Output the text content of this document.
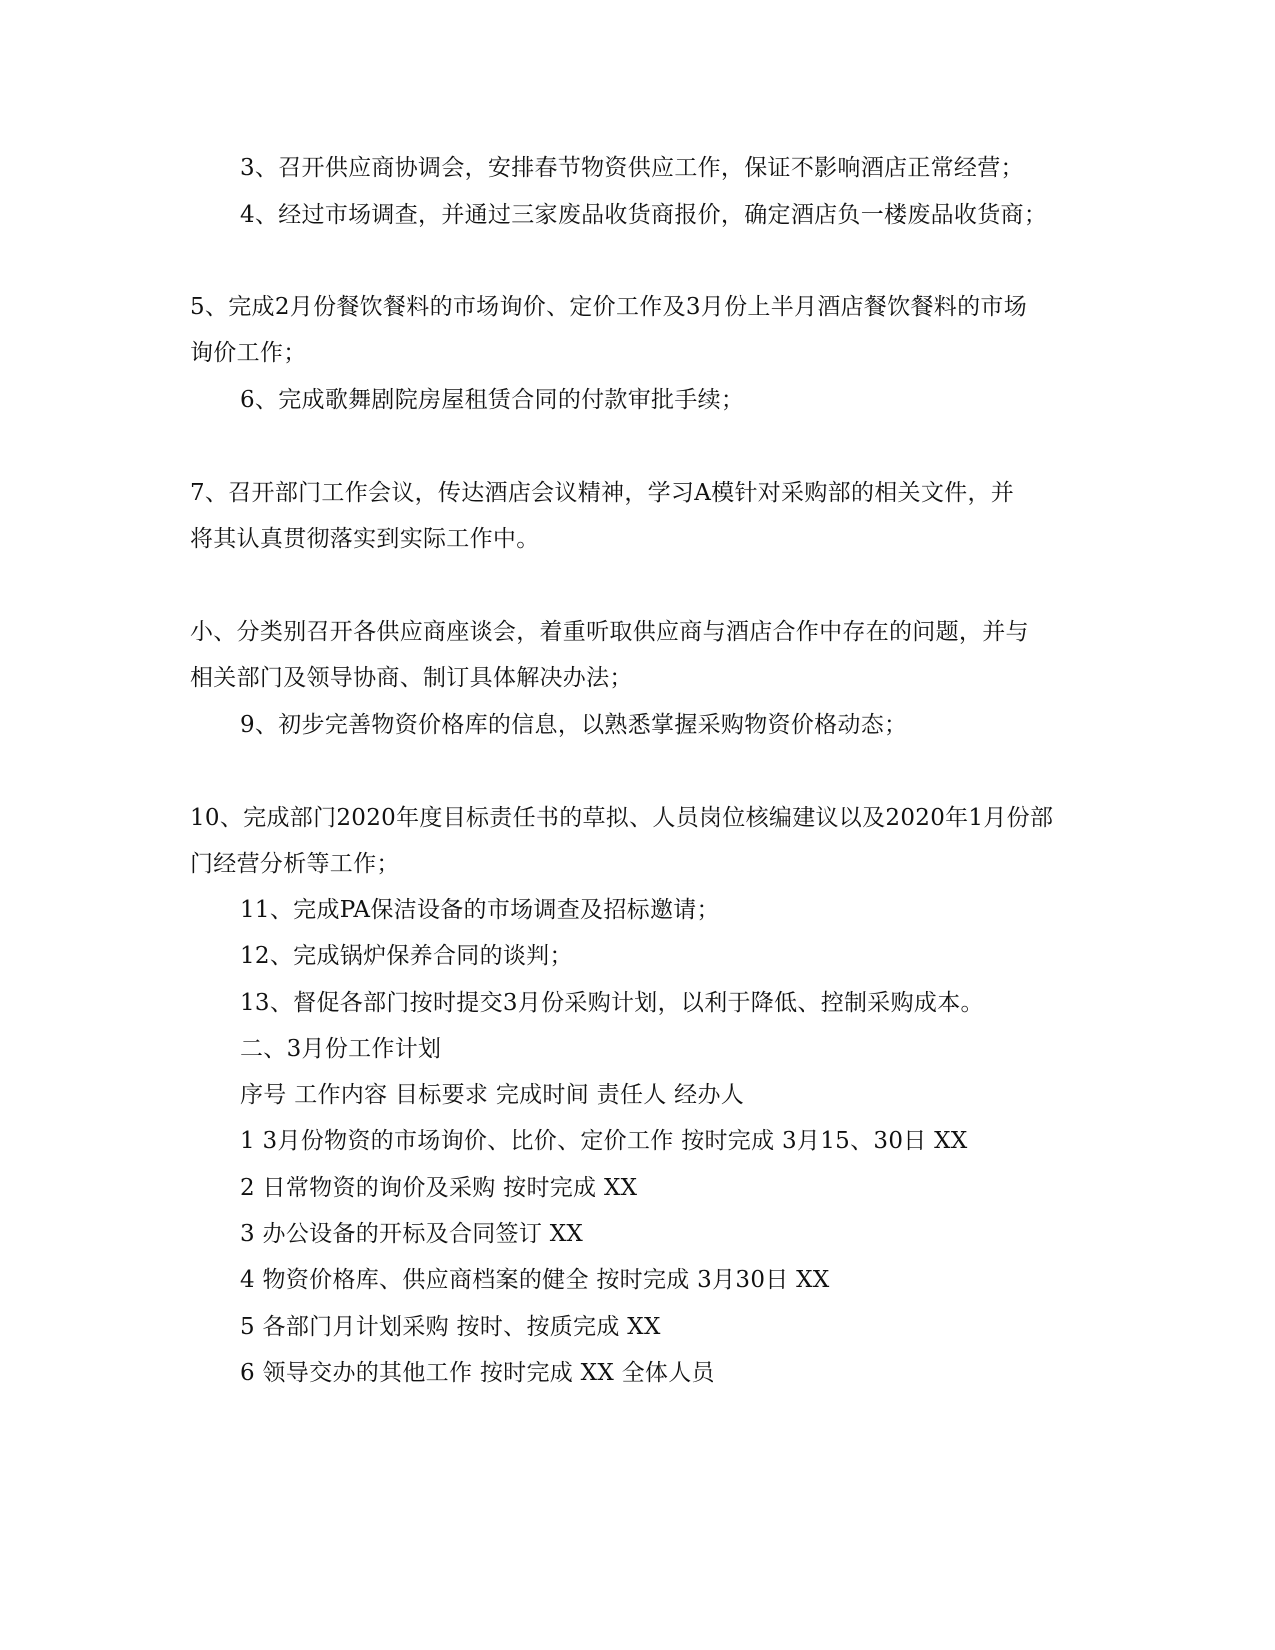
3、召开供应商协调会，安排春节物资供应工作，保证不影响酒店正常经营；
4、经过市场调查，并通过三家废品收货商报价，确定酒店负一楼废品收货商；
5、完成2月份餐饮餐料的市场询价、定价工作及3月份上半月酒店餐饮餐料的市场
询价工作；
6、完成歌舞剧院房屋租赁合同的付款审批手续；
7、召开部门工作会议，传达酒店会议精神，学习A模针对采购部的相关文件，并
将其认真贯彻落实到实际工作中。
小、分类别召开各供应商座谈会，着重听取供应商与酒店合作中存在的问题，并与
相关部门及领导协商、制订具体解决办法；
9、初步完善物资价格库的信息，以熟悉掌握采购物资价格动态；
10、完成部门2020年度目标责任书的草拟、人员岗位核编建议以及2020年1月份部
门经营分析等工作；
11、完成PA保洁设备的市场调查及招标邀请；
12、完成锅炉保养合同的谈判；
13、督促各部门按时提交3月份采购计划，以利于降低、控制采购成本。
二、3月份工作计划
序号 工作内容 目标要求 完成时间 责任人 经办人
1 3月份物资的市场询价、比价、定价工作 按时完成 3月15、30日 XX
2 日常物资的询价及采购 按时完成 XX
3 办公设备的开标及合同签订 XX
4 物资价格库、供应商档案的健全 按时完成 3月30日 XX
5 各部门月计划采购 按时、按质完成 XX
6 领导交办的其他工作 按时完成 XX 全体人员
